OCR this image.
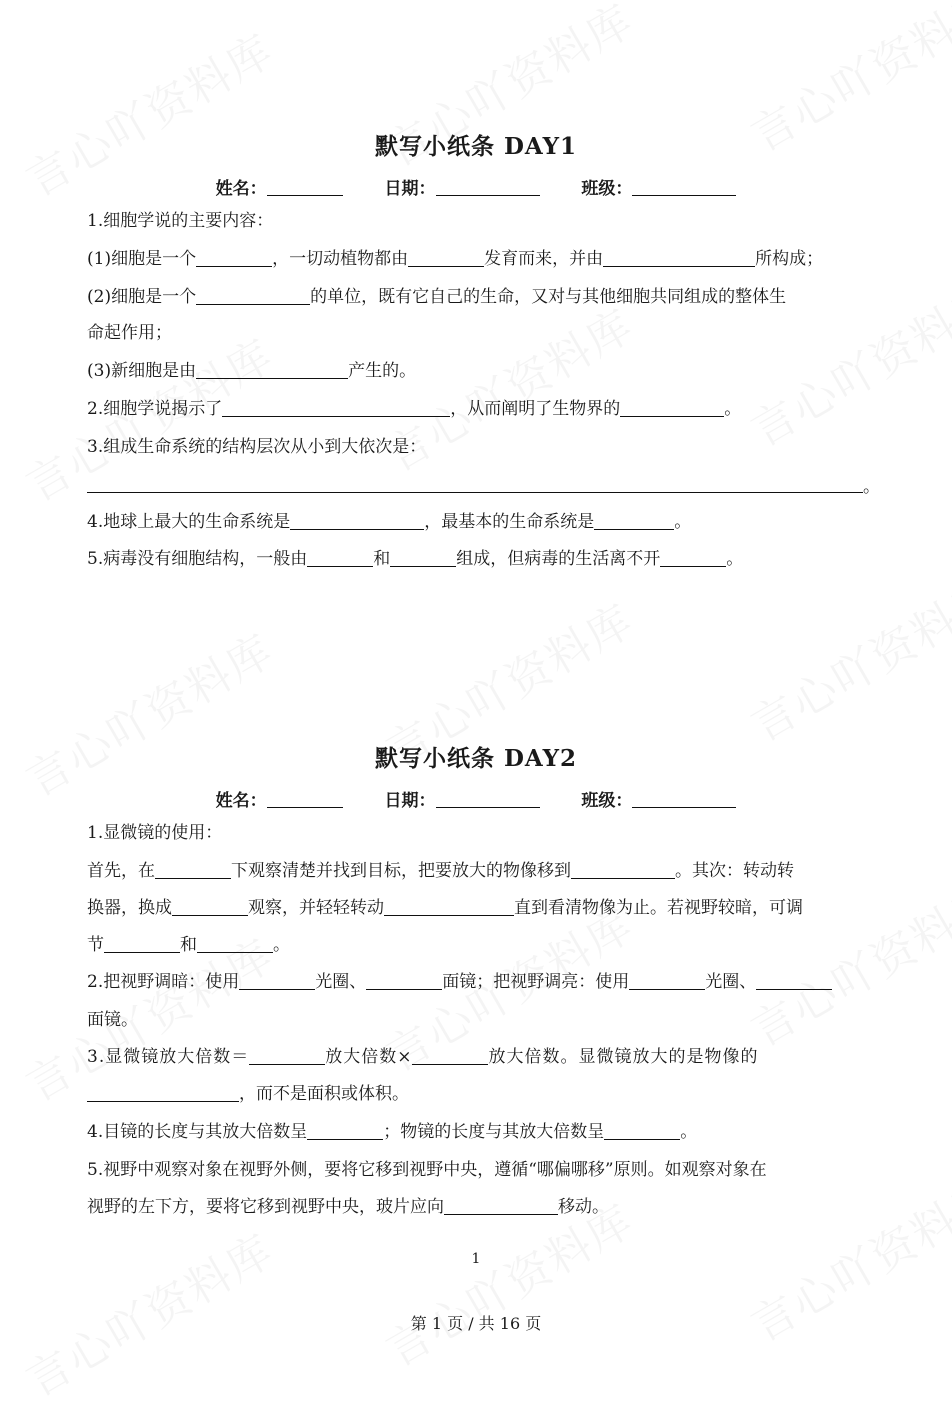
默写小纸条 DAY1
姓名：	日期：	班级：
1.细胞学说的主要内容：
(1)细胞是一个	，一切动植物都由	发育而来，并由	所构成；
(2)细胞是一个	的单位，既有它自己的生命，又对与其他细胞共同组成的整体生
命起作用；
(3)新细胞是由	产生的。
2.细胞学说揭示了	，从而阐明了生物界的	。
3.组成生命系统的结构层次从小到大依次是：
。
4.地球上最大的生命系统是	，最基本的生命系统是	。
5.病毒没有细胞结构，一般由	和	组成，但病毒的生活离不开	。
默写小纸条 DAY2
姓名：	日期：	班级：
1.显微镜的使用：
首先，在	下观察清楚并找到目标，把要放大的物像移到	。其次：转动转
换器，换成	观察，并轻轻转动	直到看清物像为止。若视野较暗，可调
节	和	。
2.把视野调暗：使用	光圈、	面镜；把视野调亮：使用	光圈、
面镜。
3.显微镜放大倍数＝	放大倍数×	放大倍数。显微镜放大的是物像的
，而不是面积或体积。
4.目镜的长度与其放大倍数呈	；物镜的长度与其放大倍数呈	。
5.视野中观察对象在视野外侧，要将它移到视野中央，遵循“哪偏哪移”原则。如观察对象在
视野的左下方，要将它移到视野中央，玻片应向	移动。
1
第 1 页 / 共 16 页
